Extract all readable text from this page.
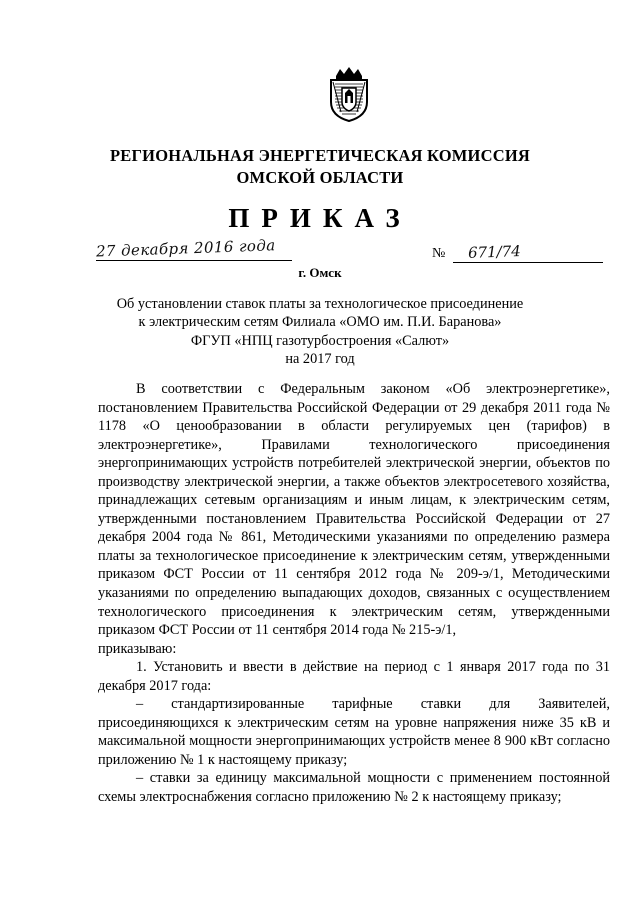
РЕГИОНАЛЬНАЯ ЭНЕРГЕТИЧЕСКАЯ КОМИССИЯ
ОМСКОЙ ОБЛАСТИ
ПРИКАЗ
27 декабря 2016 года	№ 671/74
г. Омск
Об установлении ставок платы за технологическое присоединение
к электрическим сетям Филиала «ОМО им. П.И. Баранова»
ФГУП «НПЦ газотурбостроения «Салют»
на 2017 год

В соответствии с Федеральным законом «Об электроэнергетике», постановлением Правительства Российской Федерации от 29 декабря 2011 года № 1178 «О ценообразовании в области регулируемых цен (тарифов) в электроэнергетике», Правилами технологического присоединения энергопринимающих устройств потребителей электрической энергии, объектов по производству электрической энергии, а также объектов электросетевого хозяйства, принадлежащих сетевым организациям и иным лицам, к электрическим сетям, утвержденными постановлением Правительства Российской Федерации от 27 декабря 2004 года № 861, Методическими указаниями по определению размера платы за технологическое присоединение к электрическим сетям, утвержденными приказом ФСТ России от 11 сентября 2012 года № 209-э/1, Методическими указаниями по определению выпадающих доходов, связанных с осуществлением технологического присоединения к электрическим сетям, утвержденными приказом ФСТ России от 11 сентября 2014 года № 215-э/1,

приказываю:

1. Установить и ввести в действие на период с 1 января 2017 года по 31 декабря 2017 года:

– стандартизированные тарифные ставки для Заявителей, присоединяющихся к электрическим сетям на уровне напряжения ниже 35 кВ и максимальной мощности энергопринимающих устройств менее 8 900 кВт согласно приложению № 1 к настоящему приказу;

– ставки за единицу максимальной мощности с применением постоянной схемы электроснабжения согласно приложению № 2 к настоящему приказу;
